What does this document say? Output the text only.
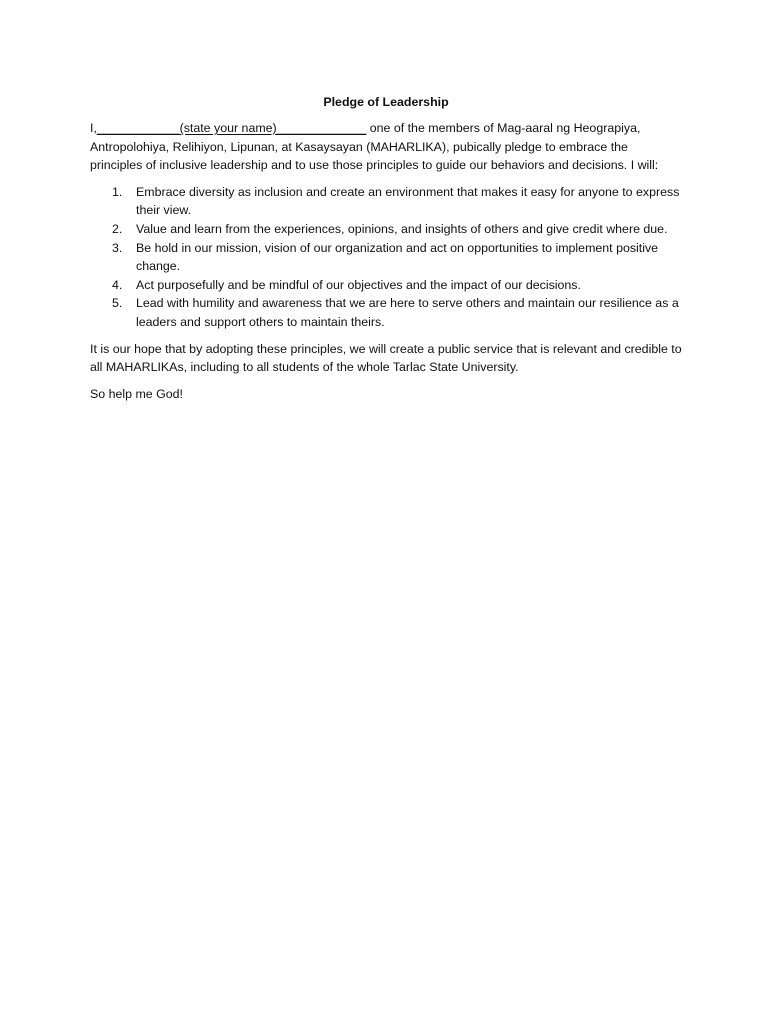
Pledge of Leadership

I,____________(state your name)_____________ one of the members of Mag-aaral ng Heograpiya, Antropolohiya, Relihiyon, Lipunan, at Kasaysayan (MAHARLIKA), pubically pledge to embrace the principles of inclusive leadership and to use those principles to guide our behaviors and decisions. I will:

1. Embrace diversity as inclusion and create an environment that makes it easy for anyone to express their view.
2. Value and learn from the experiences, opinions, and insights of others and give credit where due.
3. Be hold in our mission, vision of our organization and act on opportunities to implement positive change.
4. Act purposefully and be mindful of our objectives and the impact of our decisions.
5. Lead with humility and awareness that we are here to serve others and maintain our resilience as a leaders and support others to maintain theirs.

It is our hope that by adopting these principles, we will create a public service that is relevant and credible to all MAHARLIKAs, including to all students of the whole Tarlac State University.

So help me God!
